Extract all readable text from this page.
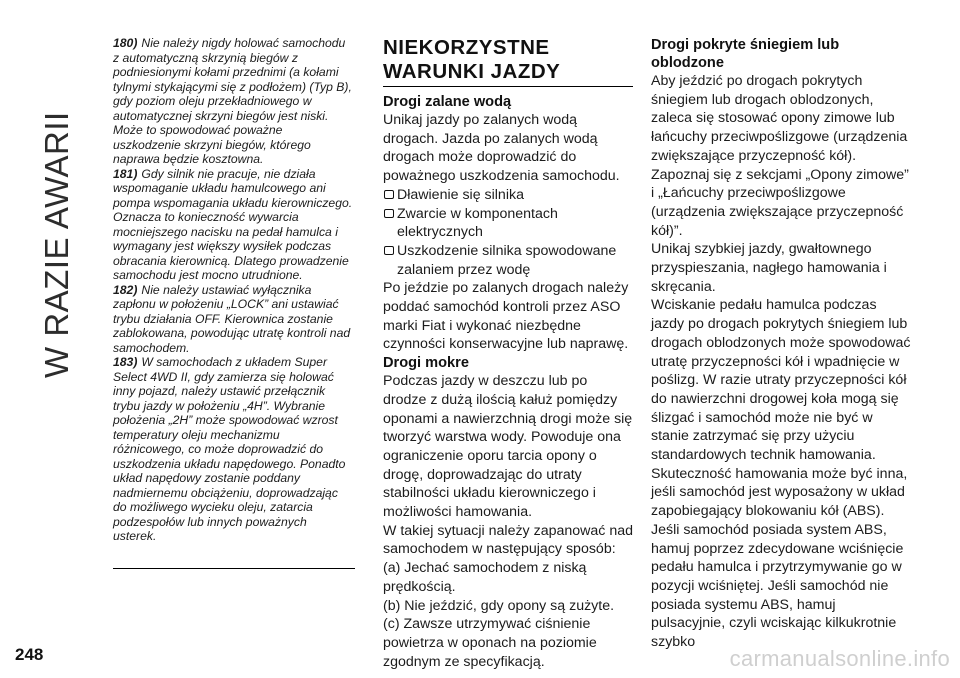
W RAZIE AWARII

180) Nie należy nigdy holować samochodu z automatyczną skrzynią biegów z podniesionymi kołami przednimi (a kołami tylnymi stykającymi się z podłożem) (Typ B), gdy poziom oleju przekładniowego w automatycznej skrzyni biegów jest niski. Może to spowodować poważne uszkodzenie skrzyni biegów, którego naprawa będzie kosztowna.

181) Gdy silnik nie pracuje, nie działa wspomaganie układu hamulcowego ani pompa wspomagania układu kierowniczego. Oznacza to konieczność wywarcia mocniejszego nacisku na pedał hamulca i wymagany jest większy wysiłek podczas obracania kierownicą. Dlatego prowadzenie samochodu jest mocno utrudnione.

182) Nie należy ustawiać wyłącznika zapłonu w położeniu „LOCK” ani ustawiać trybu działania OFF. Kierownica zostanie zablokowana, powodując utratę kontroli nad samochodem.

183) W samochodach z układem Super Select 4WD II, gdy zamierza się holować inny pojazd, należy ustawić przełącznik trybu jazdy w położeniu „4H”. Wybranie położenia „2H” może spowodować wzrost temperatury oleju mechanizmu różnicowego, co może doprowadzić do uszkodzenia układu napędowego. Ponadto układ napędowy zostanie poddany nadmiernemu obciążeniu, doprowadzając do możliwego wycieku oleju, zatarcia podzespołów lub innych poważnych usterek.

NIEKORZYSTNE
WARUNKI JAZDY
Drogi zalane wodą

Unikaj jazdy po zalanych wodą drogach. Jazda po zalanych wodą drogach może doprowadzić do poważnego uszkodzenia samochodu.

Dławienie się silnika
Zwarcie w komponentach elektrycznych
Uszkodzenie silnika spowodowane zalaniem przez wodę

Po jeździe po zalanych drogach należy poddać samochód kontroli przez ASO marki Fiat i wykonać niezbędne czynności konserwacyjne lub naprawę.

Drogi mokre

Podczas jazdy w deszczu lub po drodze z dużą ilością kałuż pomiędzy oponami a nawierzchnią drogi może się tworzyć warstwa wody. Powoduje ona ograniczenie oporu tarcia opony o drogę, doprowadzając do utraty stabilności układu kierowniczego i możliwości hamowania.

W takiej sytuacji należy zapanować nad samochodem w następujący sposób:

(a) Jechać samochodem z niską prędkością.

(b) Nie jeździć, gdy opony są zużyte.

(c) Zawsze utrzymywać ciśnienie powietrza w oponach na poziomie zgodnym ze specyfikacją.

Drogi pokryte śniegiem lub oblodzone

Aby jeździć po drogach pokrytych śniegiem lub drogach oblodzonych, zaleca się stosować opony zimowe lub łańcuchy przeciwpoślizgowe (urządzenia zwiększające przyczepność kół). Zapoznaj się z sekcjami „Opony zimowe” i „Łańcuchy przeciwpoślizgowe (urządzenia zwiększające przyczepność kół)”.

Unikaj szybkiej jazdy, gwałtownego przyspieszania, nagłego hamowania i skręcania.

Wciskanie pedału hamulca podczas jazdy po drogach pokrytych śniegiem lub drogach oblodzonych może spowodować utratę przyczepności kół i wpadnięcie w poślizg. W razie utraty przyczepności kół do nawierzchni drogowej koła mogą się ślizgać i samochód może nie być w stanie zatrzymać się przy użyciu standardowych technik hamowania. Skuteczność hamowania może być inna, jeśli samochód jest wyposażony w układ zapobiegający blokowaniu kół (ABS). Jeśli samochód posiada system ABS, hamuj poprzez zdecydowane wciśnięcie pedału hamulca i przytrzymywanie go w pozycji wciśniętej. Jeśli samochód nie posiada systemu ABS, hamuj pulsacyjnie, czyli wciskając kilkukrotnie szybko

248	carmanualsonline.info
